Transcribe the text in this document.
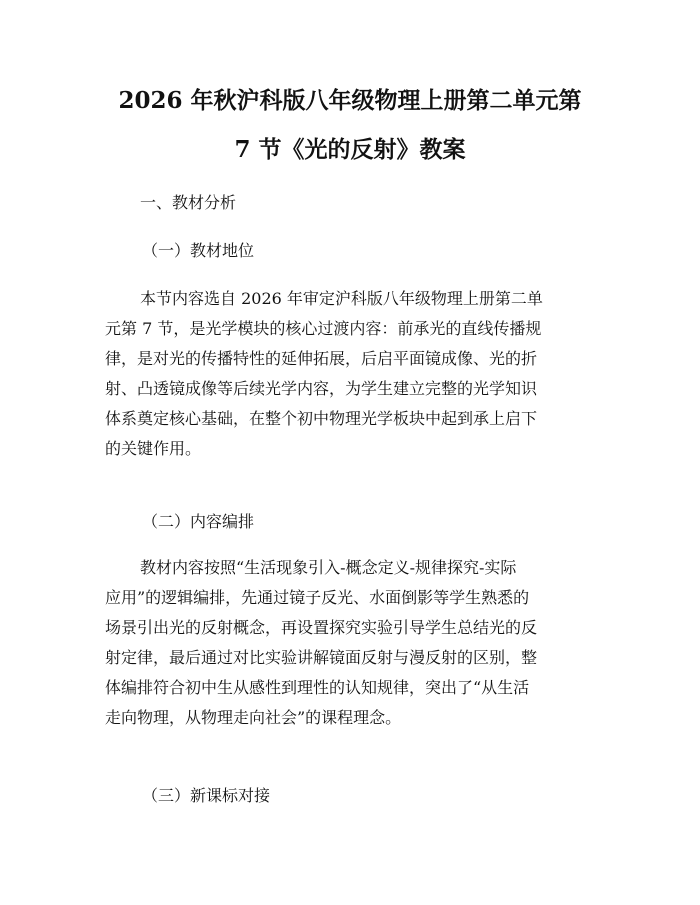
2026 年秋沪科版八年级物理上册第二单元第
7 节《光的反射》教案
一、教材分析
（一）教材地位
本节内容选自 2026 年审定沪科版八年级物理上册第二单
元第 7 节，是光学模块的核心过渡内容：前承光的直线传播规
律，是对光的传播特性的延伸拓展，后启平面镜成像、光的折
射、凸透镜成像等后续光学内容，为学生建立完整的光学知识
体系奠定核心基础，在整个初中物理光学板块中起到承上启下
的关键作用。
（二）内容编排
教材内容按照“生活现象引入-概念定义-规律探究-实际
应用”的逻辑编排，先通过镜子反光、水面倒影等学生熟悉的
场景引出光的反射概念，再设置探究实验引导学生总结光的反
射定律，最后通过对比实验讲解镜面反射与漫反射的区别，整
体编排符合初中生从感性到理性的认知规律，突出了“从生活
走向物理，从物理走向社会”的课程理念。
（三）新课标对接
